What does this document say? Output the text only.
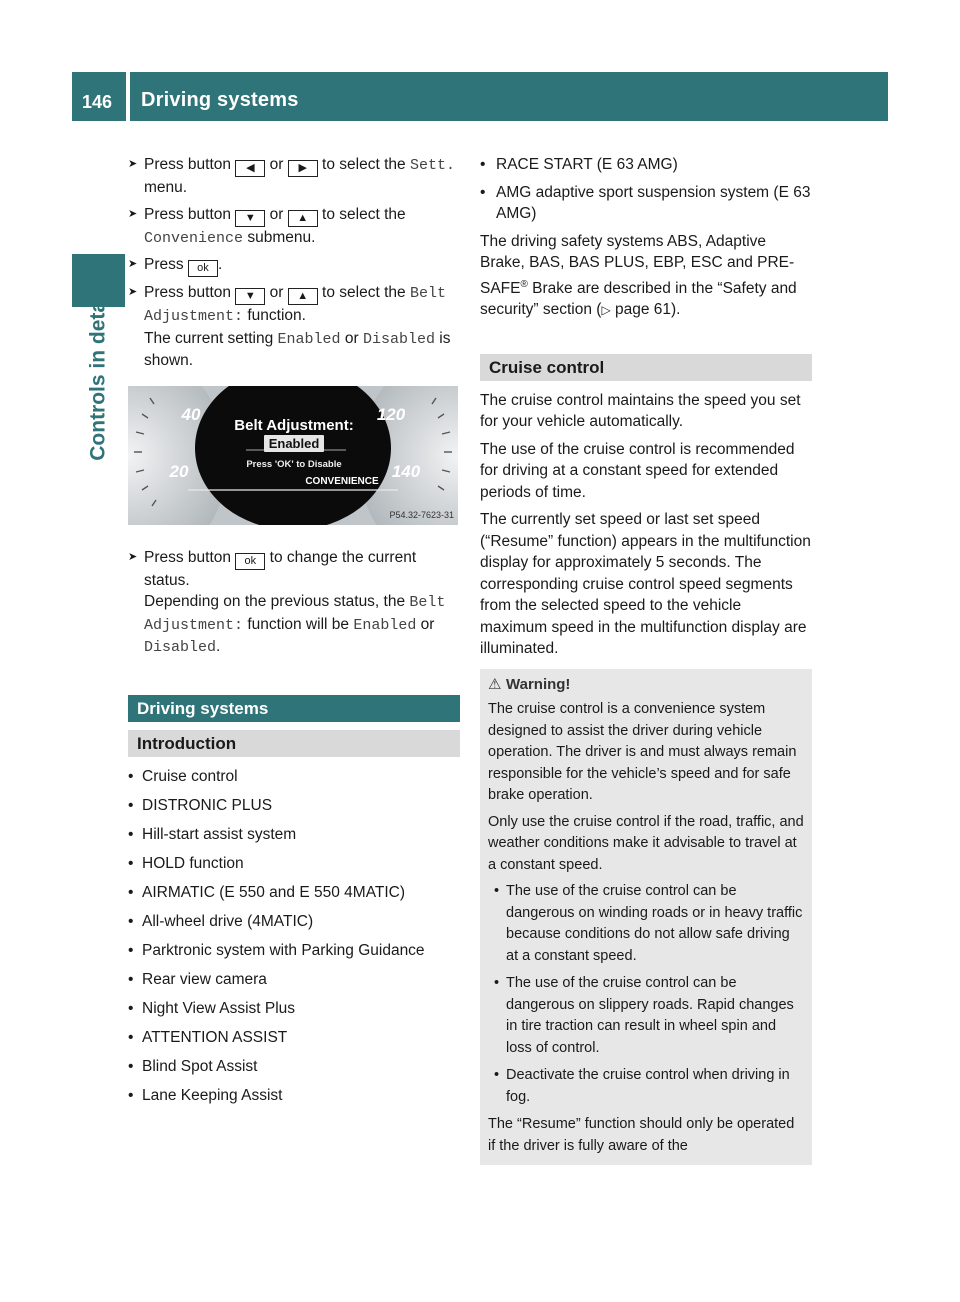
146 Driving systems
Controls in detail
➤ Press button ◀ or ▶ to select the Sett. menu.
➤ Press button ▼ or ▲ to select the Convenience submenu.
➤ Press ok .
➤ Press button ▼ or ▲ to select the Belt Adjustment: function.
The current setting Enabled or Disabled is shown.
Belt Adjustment:
Enabled
Press 'OK' to Disable
CONVENIENCE
40
20
120
140
P54.32-7623-31
➤ Press button ok to change the current status.
Depending on the previous status, the Belt Adjustment: function will be Enabled or Disabled.
Driving systems
Introduction
• Cruise control
• DISTRONIC PLUS
• Hill-start assist system
• HOLD function
• AIRMATIC (E 550 and E 550 4MATIC)
• All-wheel drive (4MATIC)
• Parktronic system with Parking Guidance
• Rear view camera
• Night View Assist Plus
• ATTENTION ASSIST
• Blind Spot Assist
• Lane Keeping Assist
• RACE START (E 63 AMG)
• AMG adaptive sport suspension system (E 63 AMG)
The driving safety systems ABS, Adaptive Brake, BAS, BAS PLUS, EBP, ESC and PRE-SAFE® Brake are described in the “Safety and security” section (▷ page 61).
Cruise control
The cruise control maintains the speed you set for your vehicle automatically.
The use of the cruise control is recommended for driving at a constant speed for extended periods of time.
The currently set speed or last set speed (“Resume” function) appears in the multifunction display for approximately 5 seconds. The corresponding cruise control speed segments from the selected speed to the vehicle maximum speed in the multifunction display are illuminated.
⚠ Warning!
The cruise control is a convenience system designed to assist the driver during vehicle operation. The driver is and must always remain responsible for the vehicle’s speed and for safe brake operation.
Only use the cruise control if the road, traffic, and weather conditions make it advisable to travel at a constant speed.
• The use of the cruise control can be dangerous on winding roads or in heavy traffic because conditions do not allow safe driving at a constant speed.
• The use of the cruise control can be dangerous on slippery roads. Rapid changes in tire traction can result in wheel spin and loss of control.
• Deactivate the cruise control when driving in fog.
The “Resume” function should only be operated if the driver is fully aware of the
